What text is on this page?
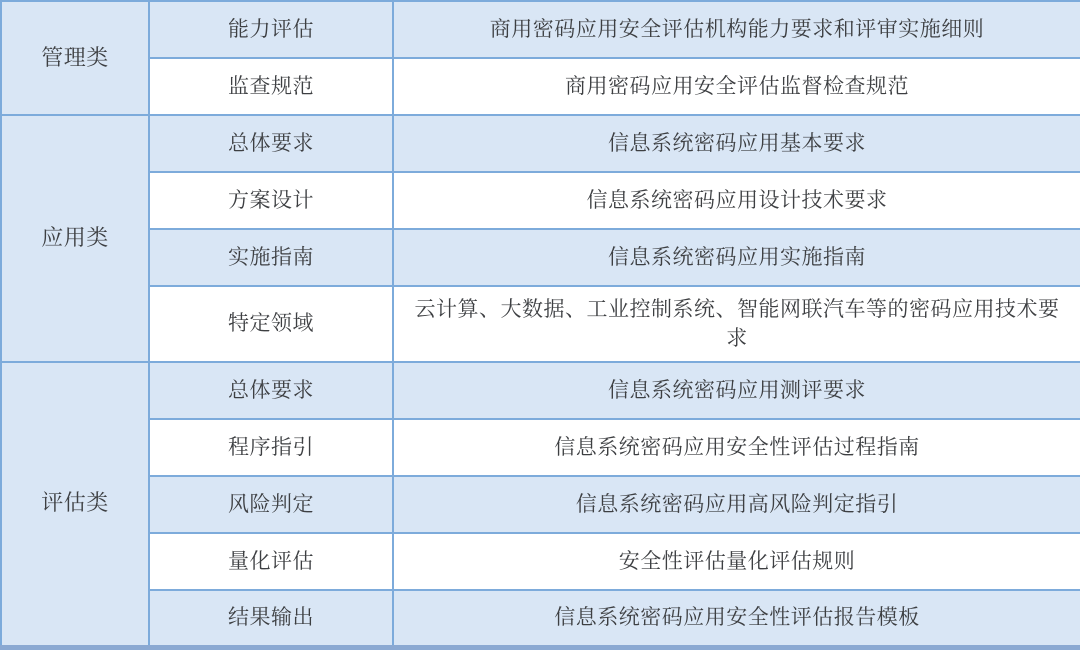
管理类	能力评估	商用密码应用安全评估机构能力要求和评审实施细则
	监查规范	商用密码应用安全评估监督检查规范
应用类	总体要求	信息系统密码应用基本要求
	方案设计	信息系统密码应用设计技术要求
	实施指南	信息系统密码应用实施指南
	特定领域	云计算、大数据、工业控制系统、智能网联汽车等的密码应用技术要求
评估类	总体要求	信息系统密码应用测评要求
	程序指引	信息系统密码应用安全性评估过程指南
	风险判定	信息系统密码应用高风险判定指引
	量化评估	安全性评估量化评估规则
	结果输出	信息系统密码应用安全性评估报告模板
